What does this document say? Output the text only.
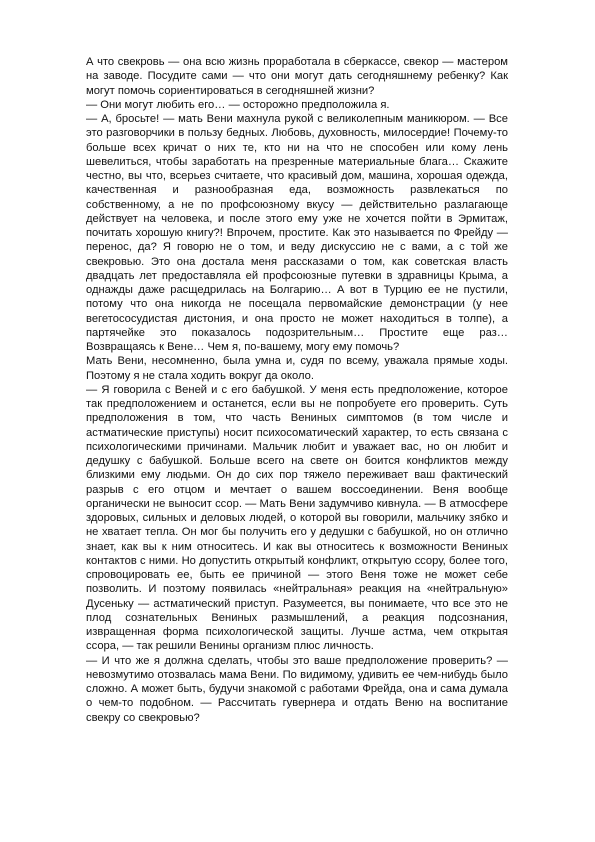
А что свекровь — она всю жизнь проработала в сберкассе, свекор — мастером на заводе. Посудите сами — что они могут дать сегодняшнему ребенку? Как могут помочь сориентироваться в сегодняшней жизни?

— Они могут любить его… — осторожно предположила я.

— А, бросьте! — мать Вени махнула рукой с великолепным маникюром. — Все это разговорчики в пользу бедных. Любовь, духовность, милосердие! Почему-то больше всех кричат о них те, кто ни на что не способен или кому лень шевелиться, чтобы заработать на презренные материальные блага… Скажите честно, вы что, всерьез считаете, что красивый дом, машина, хорошая одежда, качественная и разнообразная еда, возможность развлекаться по собственному, а не по профсоюзному вкусу — действительно разлагающе действует на человека, и после этого ему уже не хочется пойти в Эрмитаж, почитать хорошую книгу?! Впрочем, простите. Как это называется по Фрейду — перенос, да? Я говорю не о том, и веду дискуссию не с вами, а с той же свекровью. Это она достала меня рассказами о том, как советская власть двадцать лет предоставляла ей профсоюзные путевки в здравницы Крыма, а однажды даже расщедрилась на Болгарию… А вот в Турцию ее не пустили, потому что она никогда не посещала первомайские демонстрации (у нее вегетососудистая дистония, и она просто не может находиться в толпе), а партячейке это показалось подозрительным… Простите еще раз… Возвращаясь к Вене… Чем я, по-вашему, могу ему помочь?

Мать Вени, несомненно, была умна и, судя по всему, уважала прямые ходы. Поэтому я не стала ходить вокруг да около.

— Я говорила с Веней и с его бабушкой. У меня есть предположение, которое так предположением и останется, если вы не попробуете его проверить. Суть предположения в том, что часть Вениных симптомов (в том числе и астматические приступы) носит психосоматический характер, то есть связана с психологическими причинами. Мальчик любит и уважает вас, но он любит и дедушку с бабушкой. Больше всего на свете он боится конфликтов между близкими ему людьми. Он до сих пор тяжело переживает ваш фактический разрыв с его отцом и мечтает о вашем воссоединении. Веня вообще органически не выносит ссор. — Мать Вени задумчиво кивнула. — В атмосфере здоровых, сильных и деловых людей, о которой вы говорили, мальчику зябко и не хватает тепла. Он мог бы получить его у дедушки с бабушкой, но он отлично знает, как вы к ним относитесь. И как вы относитесь к возможности Вениных контактов с ними. Но допустить открытый конфликт, открытую ссору, более того, спровоцировать ее, быть ее причиной — этого Веня тоже не может себе позволить. И поэтому появилась «нейтральная» реакция на «нейтральную» Дусеньку — астматический приступ. Разумеется, вы понимаете, что все это не плод сознательных Вениных размышлений, а реакция подсознания, извращенная форма психологической защиты. Лучше астма, чем открытая ссора, — так решили Венины организм плюс личность.

— И что же я должна сделать, чтобы это ваше предположение проверить? — невозмутимо отозвалась мама Вени. По видимому, удивить ее чем-нибудь было сложно. А может быть, будучи знакомой с работами Фрейда, она и сама думала о чем-то подобном. — Рассчитать гувернера и отдать Веню на воспитание свекру со свекровью?
